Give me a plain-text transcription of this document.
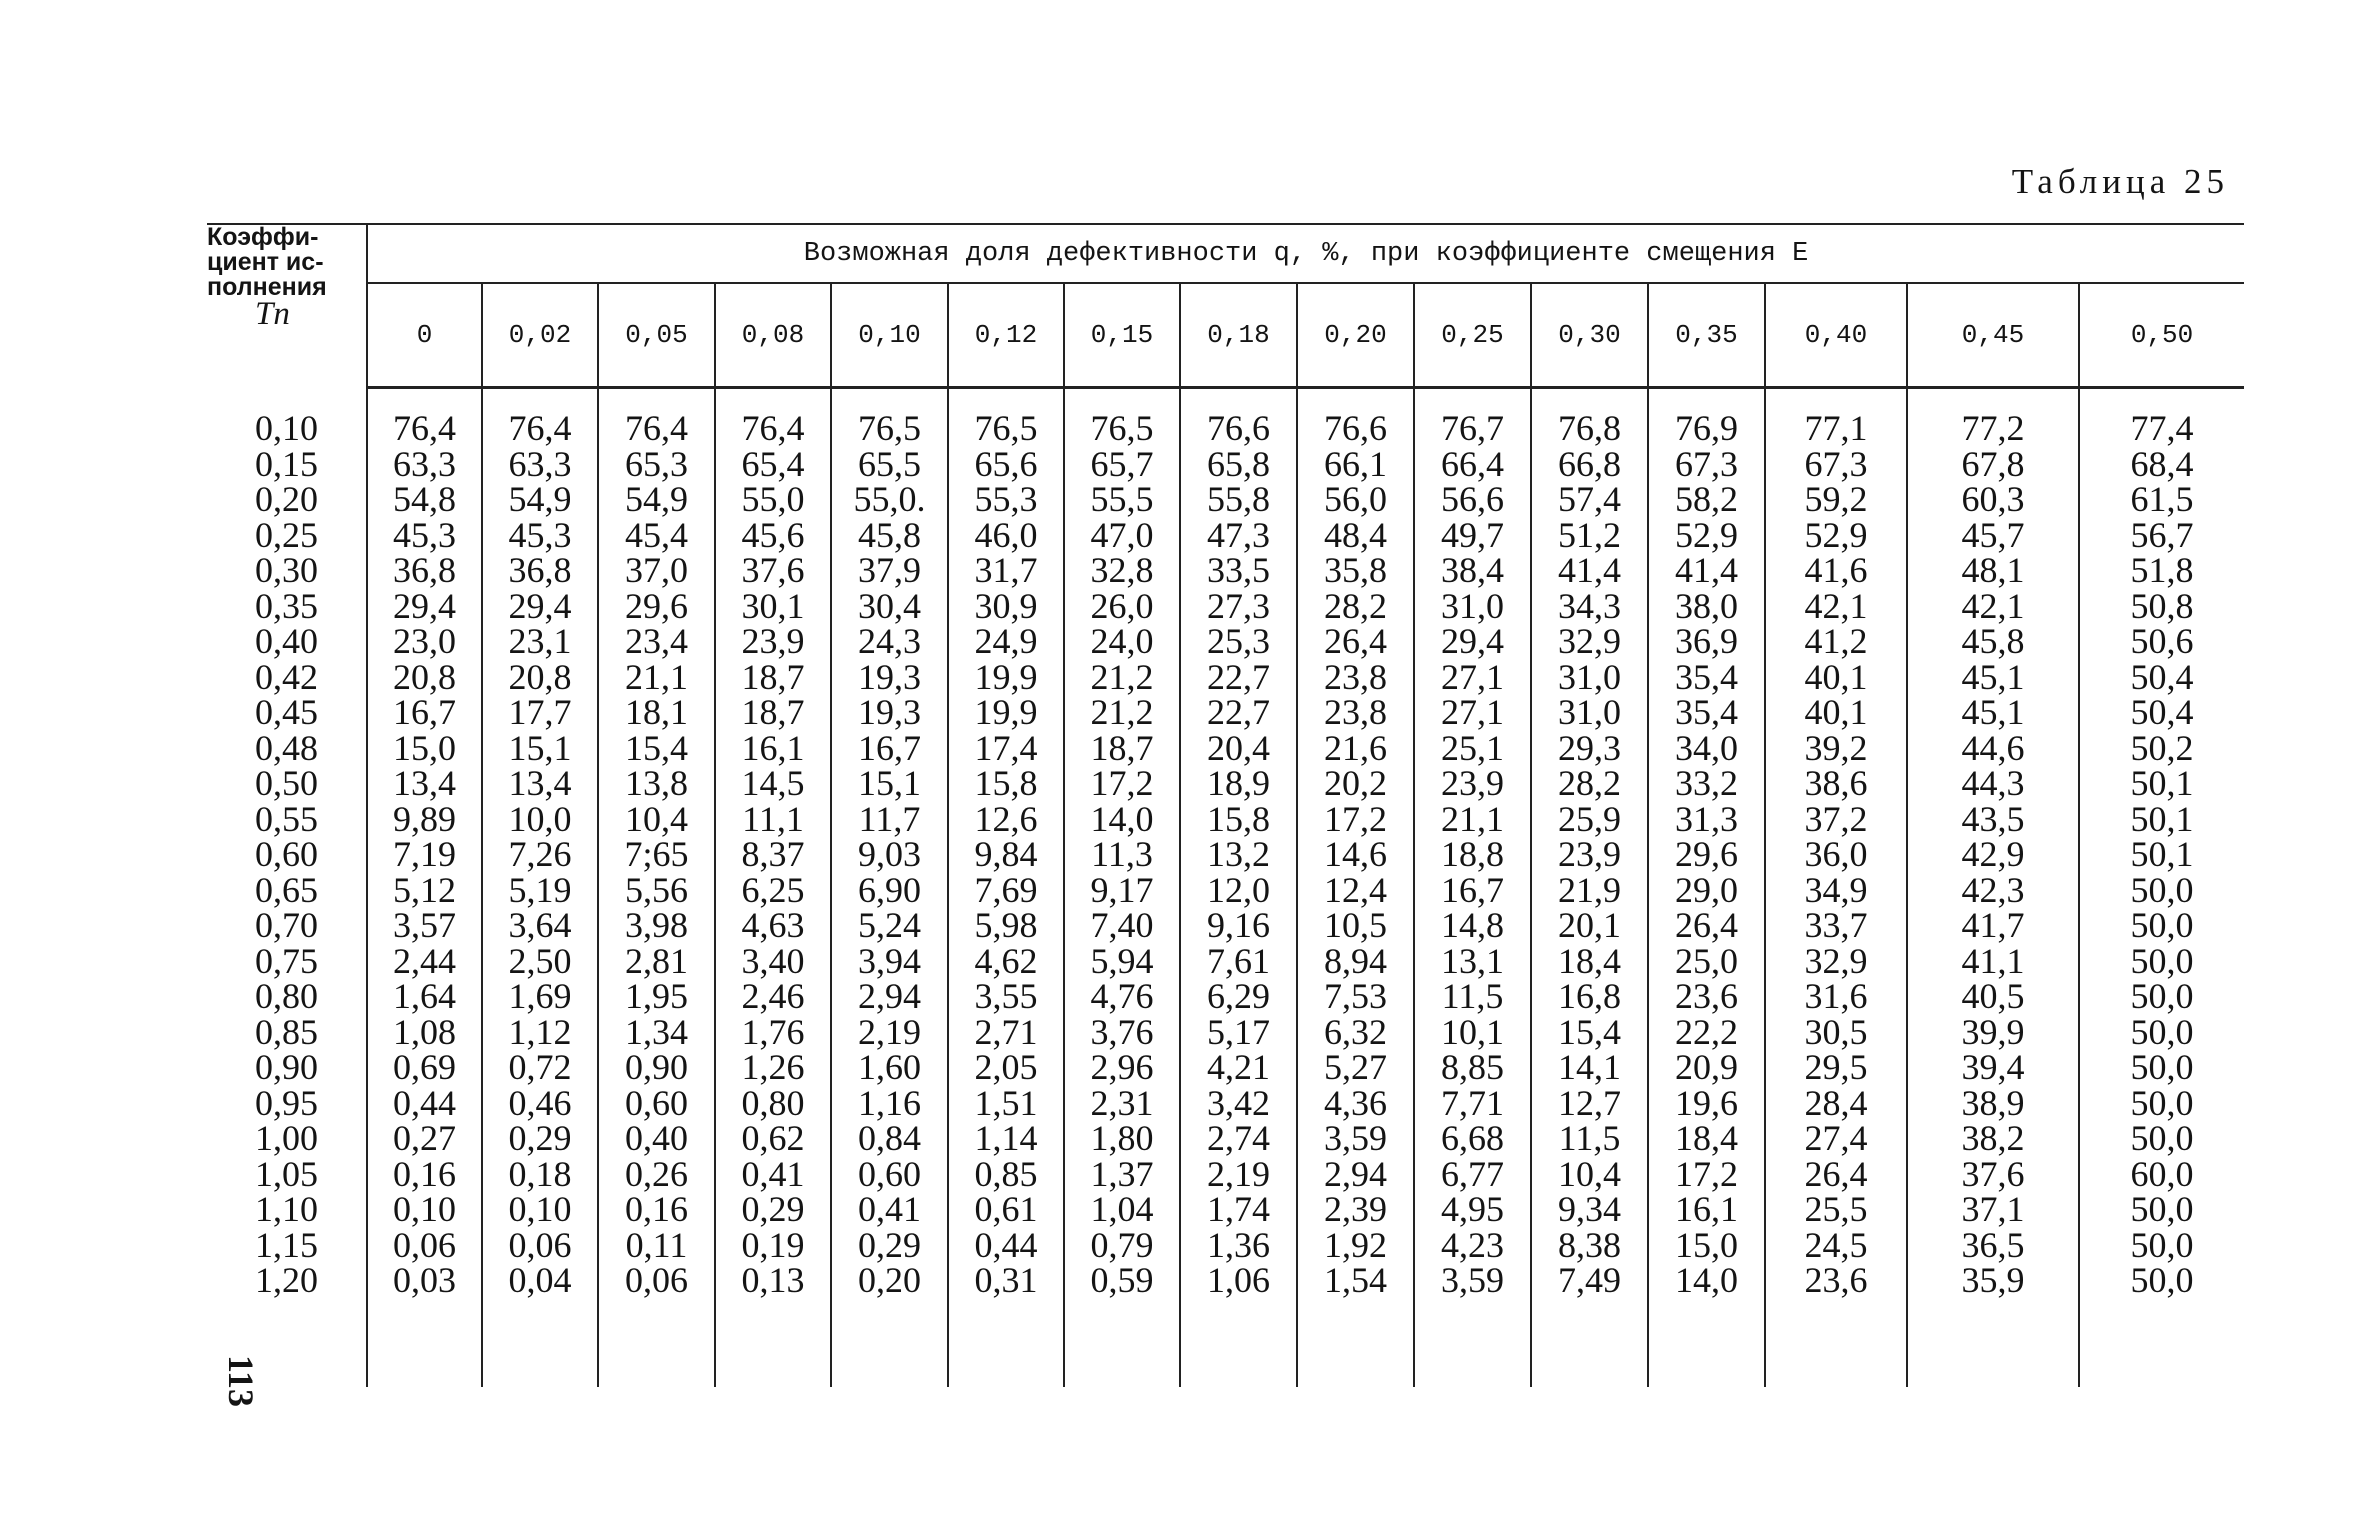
Таблица 25
113
Коэффи-
циент ис-
полнения
Tn	Возможная доля дефективности q, %, при коэффициенте смещения E														
	0	0,02	0,05	0,08	0,10	0,12	0,15	0,18	0,20	0,25	0,30	0,35	0,40	0,45	0,50

0,10	76,4	76,4	76,4	76,4	76,5	76,5	76,5	76,6	76,6	76,7	76,8	76,9	77,1	77,2	77,4
0,15	63,3	63,3	65,3	65,4	65,5	65,6	65,7	65,8	66,1	66,4	66,8	67,3	67,3	67,8	68,4
0,20	54,8	54,9	54,9	55,0	55,0.	55,3	55,5	55,8	56,0	56,6	57,4	58,2	59,2	60,3	61,5
0,25	45,3	45,3	45,4	45,6	45,8	46,0	47,0	47,3	48,4	49,7	51,2	52,9	52,9	45,7	56,7
0,30	36,8	36,8	37,0	37,6	37,9	31,7	32,8	33,5	35,8	38,4	41,4	41,4	41,6	48,1	51,8
0,35	29,4	29,4	29,6	30,1	30,4	30,9	26,0	27,3	28,2	31,0	34,3	38,0	42,1	42,1	50,8
0,40	23,0	23,1	23,4	23,9	24,3	24,9	24,0	25,3	26,4	29,4	32,9	36,9	41,2	45,8	50,6
0,42	20,8	20,8	21,1	18,7	19,3	19,9	21,2	22,7	23,8	27,1	31,0	35,4	40,1	45,1	50,4
0,45	16,7	17,7	18,1	18,7	19,3	19,9	21,2	22,7	23,8	27,1	31,0	35,4	40,1	45,1	50,4
0,48	15,0	15,1	15,4	16,1	16,7	17,4	18,7	20,4	21,6	25,1	29,3	34,0	39,2	44,6	50,2
0,50	13,4	13,4	13,8	14,5	15,1	15,8	17,2	18,9	20,2	23,9	28,2	33,2	38,6	44,3	50,1
0,55	9,89	10,0	10,4	11,1	11,7	12,6	14,0	15,8	17,2	21,1	25,9	31,3	37,2	43,5	50,1
0,60	7,19	7,26	7;65	8,37	9,03	9,84	11,3	13,2	14,6	18,8	23,9	29,6	36,0	42,9	50,1
0,65	5,12	5,19	5,56	6,25	6,90	7,69	9,17	12,0	12,4	16,7	21,9	29,0	34,9	42,3	50,0
0,70	3,57	3,64	3,98	4,63	5,24	5,98	7,40	9,16	10,5	14,8	20,1	26,4	33,7	41,7	50,0
0,75	2,44	2,50	2,81	3,40	3,94	4,62	5,94	7,61	8,94	13,1	18,4	25,0	32,9	41,1	50,0
0,80	1,64	1,69	1,95	2,46	2,94	3,55	4,76	6,29	7,53	11,5	16,8	23,6	31,6	40,5	50,0
0,85	1,08	1,12	1,34	1,76	2,19	2,71	3,76	5,17	6,32	10,1	15,4	22,2	30,5	39,9	50,0
0,90	0,69	0,72	0,90	1,26	1,60	2,05	2,96	4,21	5,27	8,85	14,1	20,9	29,5	39,4	50,0
0,95	0,44	0,46	0,60	0,80	1,16	1,51	2,31	3,42	4,36	7,71	12,7	19,6	28,4	38,9	50,0
1,00	0,27	0,29	0,40	0,62	0,84	1,14	1,80	2,74	3,59	6,68	11,5	18,4	27,4	38,2	50,0
1,05	0,16	0,18	0,26	0,41	0,60	0,85	1,37	2,19	2,94	6,77	10,4	17,2	26,4	37,6	60,0
1,10	0,10	0,10	0,16	0,29	0,41	0,61	1,04	1,74	2,39	4,95	9,34	16,1	25,5	37,1	50,0
1,15	0,06	0,06	0,11	0,19	0,29	0,44	0,79	1,36	1,92	4,23	8,38	15,0	24,5	36,5	50,0
1,20	0,03	0,04	0,06	0,13	0,20	0,31	0,59	1,06	1,54	3,59	7,49	14,0	23,6	35,9	50,0
